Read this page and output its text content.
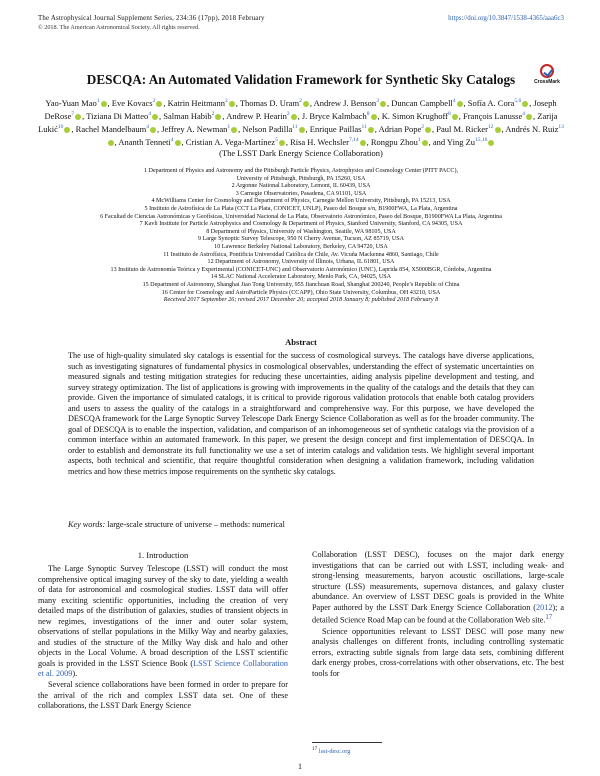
The Astrophysical Journal Supplement Series, 234:36 (17pp), 2018 February	https://doi.org/10.3847/1538-4365/aaa6c3
© 2018. The American Astronomical Society. All rights reserved.
CrossMark
DESCQA: An Automated Validation Framework for Synthetic Sky Catalogs
Yao-Yuan Mao$^1$ , Eve Kovacs$^2$ , Katrin Heitmann$^2$ , Thomas D. Uram$^2$ , Andrew J. Benson$^3$ , Duncan Campbell$^4$ , Sofía A. Cora$^{5,6}$ , Joseph DeRose$^7$ , Tiziana Di Matteo$^4$ , Salman Habib$^2$ , Andrew P. Hearin$^2$ , J. Bryce Kalmbach$^8$ , K. Simon Krughoff$^8$ , François Lanusse$^4$ , Zarija Lukić$^{10}$ , Rachel Mandelbaum$^4$ , Jeffrey A. Newman$^1$ , Nelson Padilla$^{11}$ , Enrique Paillas$^{11}$ , Adrian Pope$^2$ , Paul M. Ricker$^{12}$ , Andrés N. Ruiz$^{13}$, Ananth Tenneti$^4$ , Cristian A. Vega-Martínez$^5$ , Risa H. Wechsler$^{7,14}$ , Rongpu Zhou$^1$ , and Ying Zu$^{15,16}$
(The LSST Dark Energy Science Collaboration)
1 Department of Physics and Astronomy and the Pittsburgh Particle Physics, Astrophysics and Cosmology Center (PITT PACC),
University of Pittsburgh, Pittsburgh, PA 15260, USA
2 Argonne National Laboratory, Lemont, IL 60439, USA
3 Carnegie Observatories, Pasadena, CA 91101, USA
4 McWilliams Center for Cosmology and Department of Physics, Carnegie Mellon University, Pittsburgh, PA 15213, USA
5 Instituto de Astrofísica de La Plata (CCT La Plata, CONICET, UNLP), Paseo del Bosque s/n, B1900FWA, La Plata, Argentina
6 Facultad de Ciencias Astronómicas y Geofísicas, Universidad Nacional de La Plata, Observatorio Astronómico, Paseo del Bosque, B1900FWA La Plata, Argentina
7 Kavli Institute for Particle Astrophysics and Cosmology & Department of Physics, Stanford University, Stanford, CA 94305, USA
8 Department of Physics, University of Washington, Seattle, WA 98105, USA
9 Large Synoptic Survey Telescope, 950 N Cherry Avenue, Tucson, AZ 85719, USA
10 Lawrence Berkeley National Laboratory, Berkeley, CA 94720, USA
11 Instituto de Astrofísica, Pontificia Universidad Católica de Chile, Av. Vicuña Mackenna 4860, Santiago, Chile
12 Department of Astronomy, University of Illinois, Urbana, IL 61801, USA
13 Instituto de Astronomía Teórica y Experimental (CONICET-UNC) and Observatorio Astronómico (UNC), Laprida 854, X5000BGR, Córdoba, Argentina
14 SLAC National Accelerator Laboratory, Menlo Park, CA, 94025, USA
15 Department of Astronomy, Shanghai Jiao Tong University, 955 Jianchuan Road, Shanghai 200240, People’s Republic of China
16 Center for Cosmology and AstroParticle Physics (CCAPP), Ohio State University, Columbus, OH 43210, USA
Received 2017 September 26; revised 2017 December 20; accepted 2018 January 8; published 2018 February 8
Abstract
The use of high-quality simulated sky catalogs is essential for the success of cosmological surveys. The catalogs have diverse applications, such as investigating signatures of fundamental physics in cosmological observables, understanding the effect of systematic uncertainties on measured signals and testing mitigation strategies for reducing these uncertainties, aiding analysis pipeline development and testing, and survey strategy optimization. The list of applications is growing with improvements in the quality of the catalogs and the details that they can provide. Given the importance of simulated catalogs, it is critical to provide rigorous validation protocols that enable both catalog providers and users to assess the quality of the catalogs in a straightforward and comprehensive way. For this purpose, we have developed the DESCQA framework for the Large Synoptic Survey Telescope Dark Energy Science Collaboration as well as for the broader community. The goal of DESCQA is to enable the inspection, validation, and comparison of an inhomogeneous set of synthetic catalogs via the provision of a common interface within an automated framework. In this paper, we present the design concept and first implementation of DESCQA. In order to establish and demonstrate its full functionality we use a set of interim catalogs and validation tests. We highlight several important aspects, both technical and scientific, that require thoughtful consideration when designing a validation framework, including validation metrics and how these metrics impose requirements on the synthetic sky catalogs.
Key words: large-scale structure of universe – methods: numerical
1. Introduction

The Large Synoptic Survey Telescope (LSST) will conduct the most comprehensive optical imaging survey of the sky to date, yielding a wealth of data for astronomical and cosmological studies. LSST data will offer many exciting scientific opportunities, including the creation of very detailed maps of the distribution of galaxies, studies of transient objects in new regimes, investigations of the inner and outer solar system, observations of stellar populations in the Milky Way and nearby galaxies, and studies of the structure of the Milky Way disk and halo and other objects in the Local Volume. A broad description of the LSST scientific goals is provided in the LSST Science Book (LSST Science Collaboration et al. 2009).

Several science collaborations have been formed in order to prepare for the arrival of the rich and complex LSST data set. One of these collaborations, the LSST Dark Energy Science

Collaboration (LSST DESC), focuses on the major dark energy investigations that can be carried out with LSST, including weak- and strong-lensing measurements, baryon acoustic oscillations, large-scale structure (LSS) measurements, supernova distances, and galaxy cluster abundance. An overview of LSST DESC goals is provided in the White Paper authored by the LSST Dark Energy Science Collaboration (2012); a detailed Science Road Map can be found at the Collaboration Web site.$^{17}$

Science opportunities relevant to LSST DESC will pose many new analysis challenges on different fronts, including controlling systematic errors, extracting subtle signals from large data sets, combining different dark energy probes, cross-correlations with other observations, etc. The best tools for

$^{17}$ lsst-desc.org
1
